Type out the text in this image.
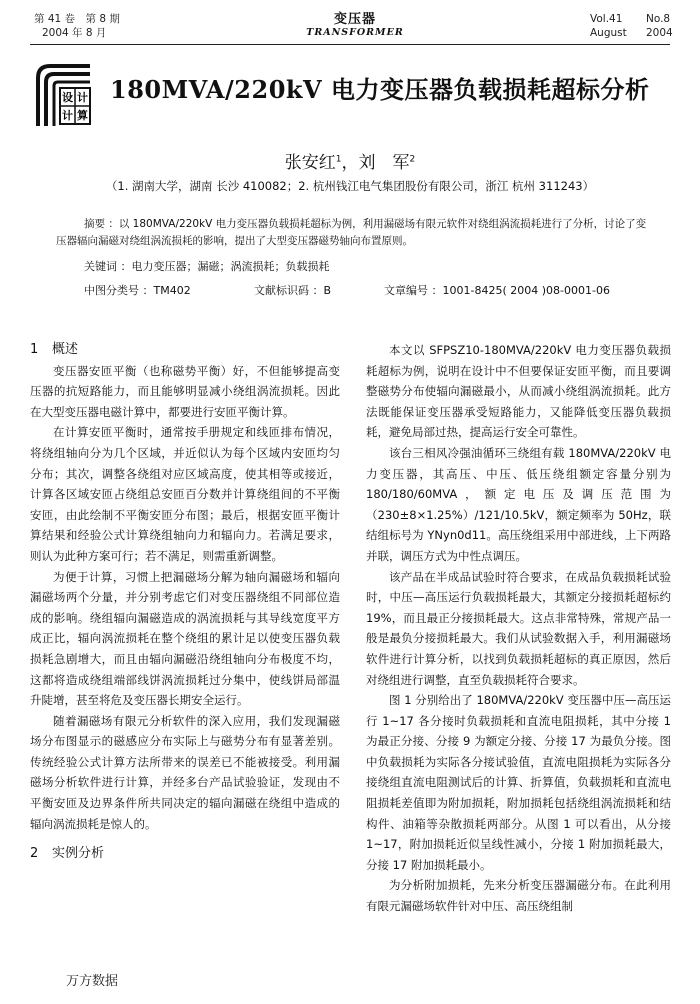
第 41 卷　第 8 期
2004 年 8 月
变压器
TRANSFORMER
Vol.41
August
No.8
2004
设 计
计 算
180MVA/220kV 电力变压器负载损耗超标分析
张安红$^1$，刘　军$^2$
（1. 湖南大学，湖南 长沙 410082；2. 杭州钱江电气集团股份有限公司，浙江 杭州 311243）
摘要 ：以 180MVA/220kV 电力变压器负载损耗超标为例，利用漏磁场有限元软件对绕组涡流损耗进行了分析，讨论了变压器辐向漏磁对绕组涡流损耗的影响，提出了大型变压器磁势轴向布置原则。
关键词 ：电力变压器；漏磁；涡流损耗；负载损耗
中图分类号 ：TM402	文献标识码 ：B	文章编号 ：1001-8425( 2004 )08-0001-06

1 概述

变压器安匝平衡（也称磁势平衡）好，不但能够提高变压器的抗短路能力，而且能够明显减小绕组涡流损耗。因此在大型变压器电磁计算中，都要进行安匝平衡计算。

在计算安匝平衡时，通常按手册规定和线匝排布情况，将绕组轴向分为几个区域，并近似认为每个区域内安匝均匀分布；其次，调整各绕组对应区域高度，使其相等或接近，计算各区域安匝占绕组总安匝百分数并计算绕组间的不平衡安匝，由此绘制不平衡安匝分布图；最后，根据安匝平衡计算结果和经验公式计算绕组轴向力和辐向力。若满足要求，则认为此种方案可行；若不满足，则需重新调整。

为便于计算，习惯上把漏磁场分解为轴向漏磁场和辐向漏磁场两个分量，并分别考虑它们对变压器绕组不同部位造成的影响。绕组辐向漏磁造成的涡流损耗与其导线宽度平方成正比，辐向涡流损耗在整个绕组的累计足以使变压器负载损耗急剧增大，而且由辐向漏磁沿绕组轴向分布极度不均，这都将造成绕组端部线饼涡流损耗过分集中，使线饼局部温升陡增，甚至将危及变压器长期安全运行。

随着漏磁场有限元分析软件的深入应用，我们发现漏磁场分布图显示的磁感应分布实际上与磁势分布有显著差别。传统经验公式计算方法所带来的误差已不能被接受。利用漏磁场分析软件进行计算，并经多台产品试验验证，发现由不平衡安匝及边界条件所共同决定的辐向漏磁在绕组中造成的辐向涡流损耗是惊人的。

2 实例分析

本文以 SFPSZ10-180MVA/220kV 电力变压器负载损耗超标为例，说明在设计中不但要保证安匝平衡，而且要调整磁势分布使辐向漏磁最小，从而减小绕组涡流损耗。此方法既能保证变压器承受短路能力，又能降低变压器负载损耗，避免局部过热，提高运行安全可靠性。

该台三相风冷强油循环三绕组有载 180MVA/220kV 电力变压器，其高压、中压、低压绕组额定容量分别为 180/180/60MVA，额定电压及调压范围为（230±8×1.25%）/121/10.5kV，额定频率为 50Hz，联结组标号为 YNyn0d11。高压绕组采用中部进线，上下两路并联，调压方式为中性点调压。

该产品在半成品试验时符合要求，在成品负载损耗试验时，中压—高压运行负载损耗最大，其额定分接损耗超标约 19%，而且最正分接损耗最大。这点非常特殊，常规产品一般是最负分接损耗最大。我们从试验数据入手，利用漏磁场软件进行计算分析，以找到负载损耗超标的真正原因，然后对绕组进行调整，直至负载损耗符合要求。

图 1 分别给出了 180MVA/220kV 变压器中压—高压运行 1~17 各分接时负载损耗和直流电阻损耗，其中分接 1 为最正分接、分接 9 为额定分接、分接 17 为最负分接。图中负载损耗为实际各分接试验值，直流电阻损耗为实际各分接绕组直流电阻测试后的计算、折算值，负载损耗和直流电阻损耗差值即为附加损耗，附加损耗包括绕组涡流损耗和结构件、油箱等杂散损耗两部分。从图 1 可以看出，从分接 1~17，附加损耗近似呈线性减小，分接 1 附加损耗最大，分接 17 附加损耗最小。

为分析附加损耗，先来分析变压器漏磁分布。在此利用有限元漏磁场软件针对中压、高压绕组制

万方数据
